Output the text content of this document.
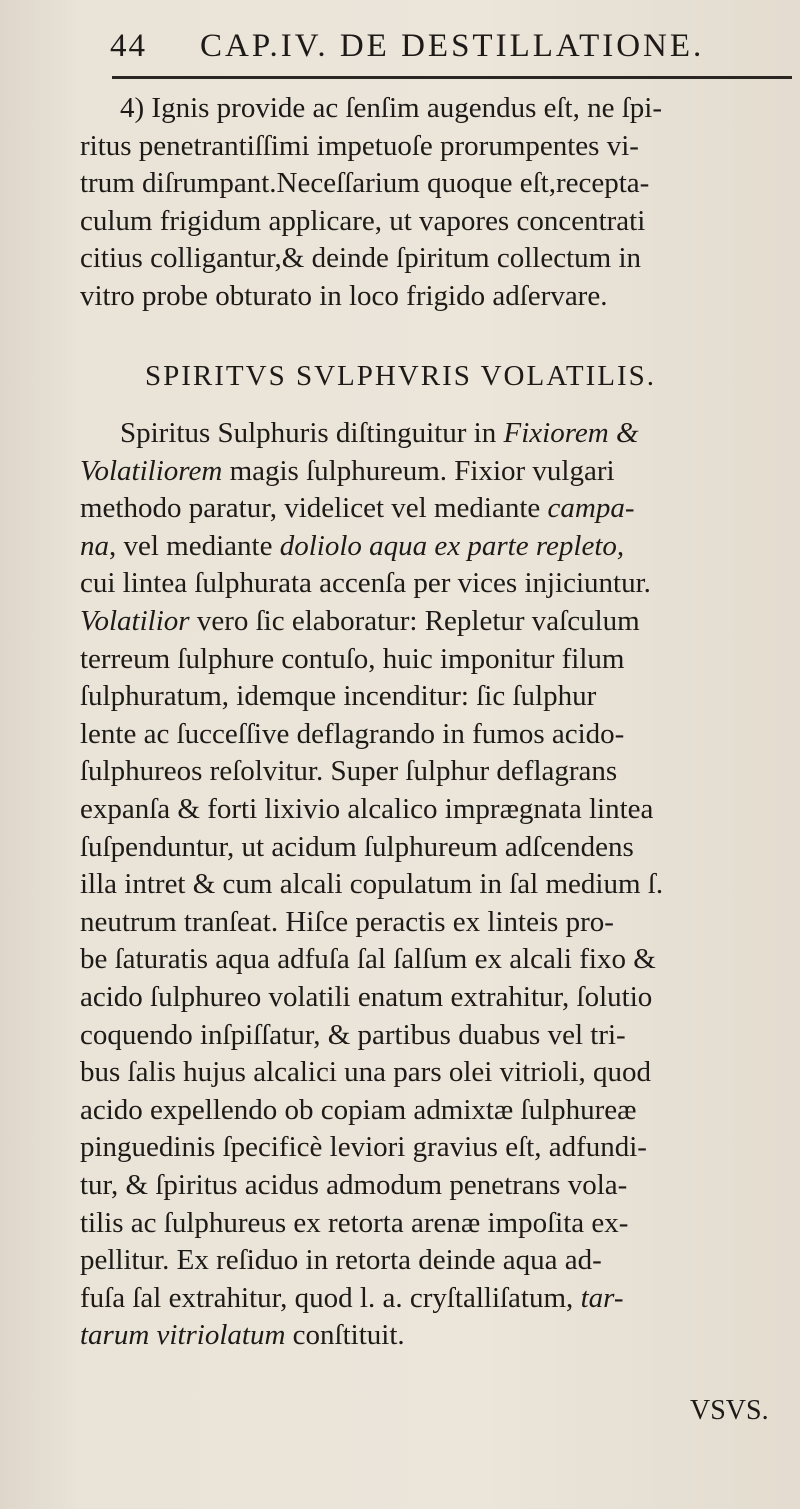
44 CAP.IV. DE DESTILLATIONE.
4) Ignis provide ac ſenſim augendus eſt, ne ſpi-
ritus penetrantiſſimi impetuoſe prorumpentes vi-
trum diſrumpant.Neceſſarium quoque eſt,recepta-
culum frigidum applicare, ut vapores concentrati
citius colligantur,& deinde ſpiritum collectum in
vitro probe obturato in loco frigido adſervare.
SPIRITVS SVLPHVRIS VOLATILIS.
Spiritus Sulphuris diſtinguitur in Fixiorem &
Volatiliorem magis ſulphureum. Fixior vulgari
methodo paratur, videlicet vel mediante campa-
na, vel mediante doliolo aqua ex parte repleto,
cui lintea ſulphurata accenſa per vices injiciuntur.
Volatilior vero ſic elaboratur: Repletur vaſculum
terreum ſulphure contuſo, huic imponitur filum
ſulphuratum, idemque incenditur: ſic ſulphur
lente ac ſucceſſive deflagrando in fumos acido-
ſulphureos reſolvitur. Super ſulphur deflagrans
expanſa & forti lixivio alcalico imprægnata lintea
ſuſpenduntur, ut acidum ſulphureum adſcendens
illa intret & cum alcali copulatum in ſal medium ſ.
neutrum tranſeat. Hiſce peractis ex linteis pro-
be ſaturatis aqua adfuſa ſal ſalſum ex alcali fixo &
acido ſulphureo volatili enatum extrahitur, ſolutio
coquendo inſpiſſatur, & partibus duabus vel tri-
bus ſalis hujus alcalici una pars olei vitrioli, quod
acido expellendo ob copiam admixtæ ſulphureæ
pinguedinis ſpecificè leviori gravius eſt, adfundi-
tur, & ſpiritus acidus admodum penetrans vola-
tilis ac ſulphureus ex retorta arenæ impoſita ex-
pellitur. Ex reſiduo in retorta deinde aqua ad-
fuſa ſal extrahitur, quod l. a. cryſtalliſatum, tar-
tarum vitriolatum conſtituit.
VSVS.
